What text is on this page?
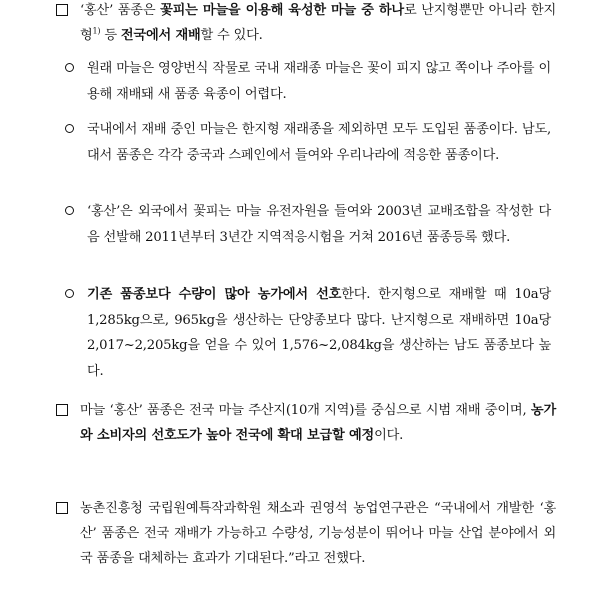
‘홍산’ 품종은 꽃피는 마늘을 이용해 육성한 마늘 중 하나로 난지형뿐만 아니라 한지형$^{1)}$ 등 전국에서 재배할 수 있다.
원래 마늘은 영양번식 작물로 국내 재래종 마늘은 꽃이 피지 않고 쪽이나 주아를 이용해 재배돼 새 품종 육종이 어렵다.
국내에서 재배 중인 마늘은 한지형 재래종을 제외하면 모두 도입된 품종이다. 남도, 대서 품종은 각각 중국과 스페인에서 들여와 우리나라에 적응한 품종이다.
‘홍산’은 외국에서 꽃피는 마늘 유전자원을 들여와 2003년 교배조합을 작성한 다음 선발해 2011년부터 3년간 지역적응시험을 거쳐 2016년 품종등록 했다.
기존 품종보다 수량이 많아 농가에서 선호한다. 한지형으로 재배할 때 10a당 1,285kg으로, 965kg을 생산하는 단양종보다 많다. 난지형으로 재배하면 10a당 2,017~2,205kg을 얻을 수 있어 1,576~2,084kg을 생산하는 남도 품종보다 높다.
마늘 ‘홍산’ 품종은 전국 마늘 주산지(10개 지역)를 중심으로 시범 재배 중이며, 농가와 소비자의 선호도가 높아 전국에 확대 보급할 예정이다.
농촌진흥청 국립원예특작과학원 채소과 권영석 농업연구관은 “국내에서 개발한 ‘홍산’ 품종은 전국 재배가 가능하고 수량성, 기능성분이 뛰어나 마늘 산업 분야에서 외국 품종을 대체하는 효과가 기대된다.”라고 전했다.
